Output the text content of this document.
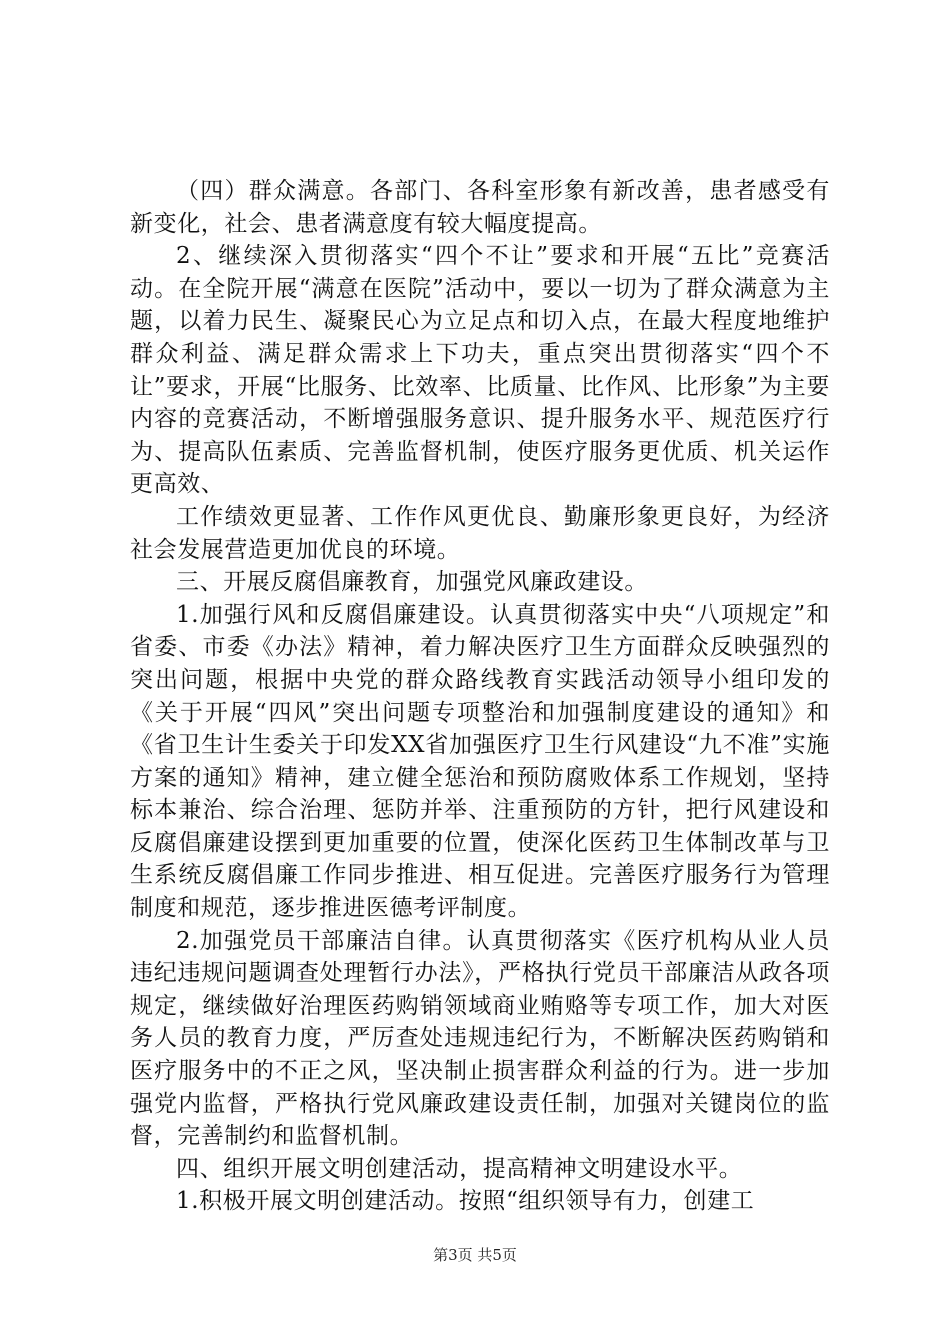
（四）群众满意。各部门、各科室形象有新改善，患者感受有新变化，社会、患者满意度有较大幅度提高。

2、继续深入贯彻落实“四个不让”要求和开展“五比”竞赛活动。在全院开展“满意在医院”活动中，要以一切为了群众满意为主题，以着力民生、凝聚民心为立足点和切入点，在最大程度地维护群众利益、满足群众需求上下功夫，重点突出贯彻落实“四个不让”要求，开展“比服务、比效率、比质量、比作风、比形象”为主要内容的竞赛活动，不断增强服务意识、提升服务水平、规范医疗行为、提高队伍素质、完善监督机制，使医疗服务更优质、机关运作更高效、

工作绩效更显著、工作作风更优良、勤廉形象更良好，为经济社会发展营造更加优良的环境。

三、开展反腐倡廉教育，加强党风廉政建设。

1.加强行风和反腐倡廉建设。认真贯彻落实中央“八项规定”和省委、市委《办法》精神，着力解决医疗卫生方面群众反映强烈的突出问题，根据中央党的群众路线教育实践活动领导小组印发的《关于开展“四风”突出问题专项整治和加强制度建设的通知》和《省卫生计生委关于印发XX省加强医疗卫生行风建设“九不准”实施方案的通知》精神，建立健全惩治和预防腐败体系工作规划，坚持标本兼治、综合治理、惩防并举、注重预防的方针，把行风建设和反腐倡廉建设摆到更加重要的位置，使深化医药卫生体制改革与卫生系统反腐倡廉工作同步推进、相互促进。完善医疗服务行为管理制度和规范，逐步推进医德考评制度。

2.加强党员干部廉洁自律。认真贯彻落实《医疗机构从业人员违纪违规问题调查处理暂行办法》，严格执行党员干部廉洁从政各项规定，继续做好治理医药购销领域商业贿赂等专项工作，加大对医务人员的教育力度，严厉查处违规违纪行为，不断解决医药购销和医疗服务中的不正之风，坚决制止损害群众利益的行为。进一步加强党内监督，严格执行党风廉政建设责任制，加强对关键岗位的监督，完善制约和监督机制。

四、组织开展文明创建活动，提高精神文明建设水平。

1.积极开展文明创建活动。按照“组织领导有力，创建工

第3页 共5页
